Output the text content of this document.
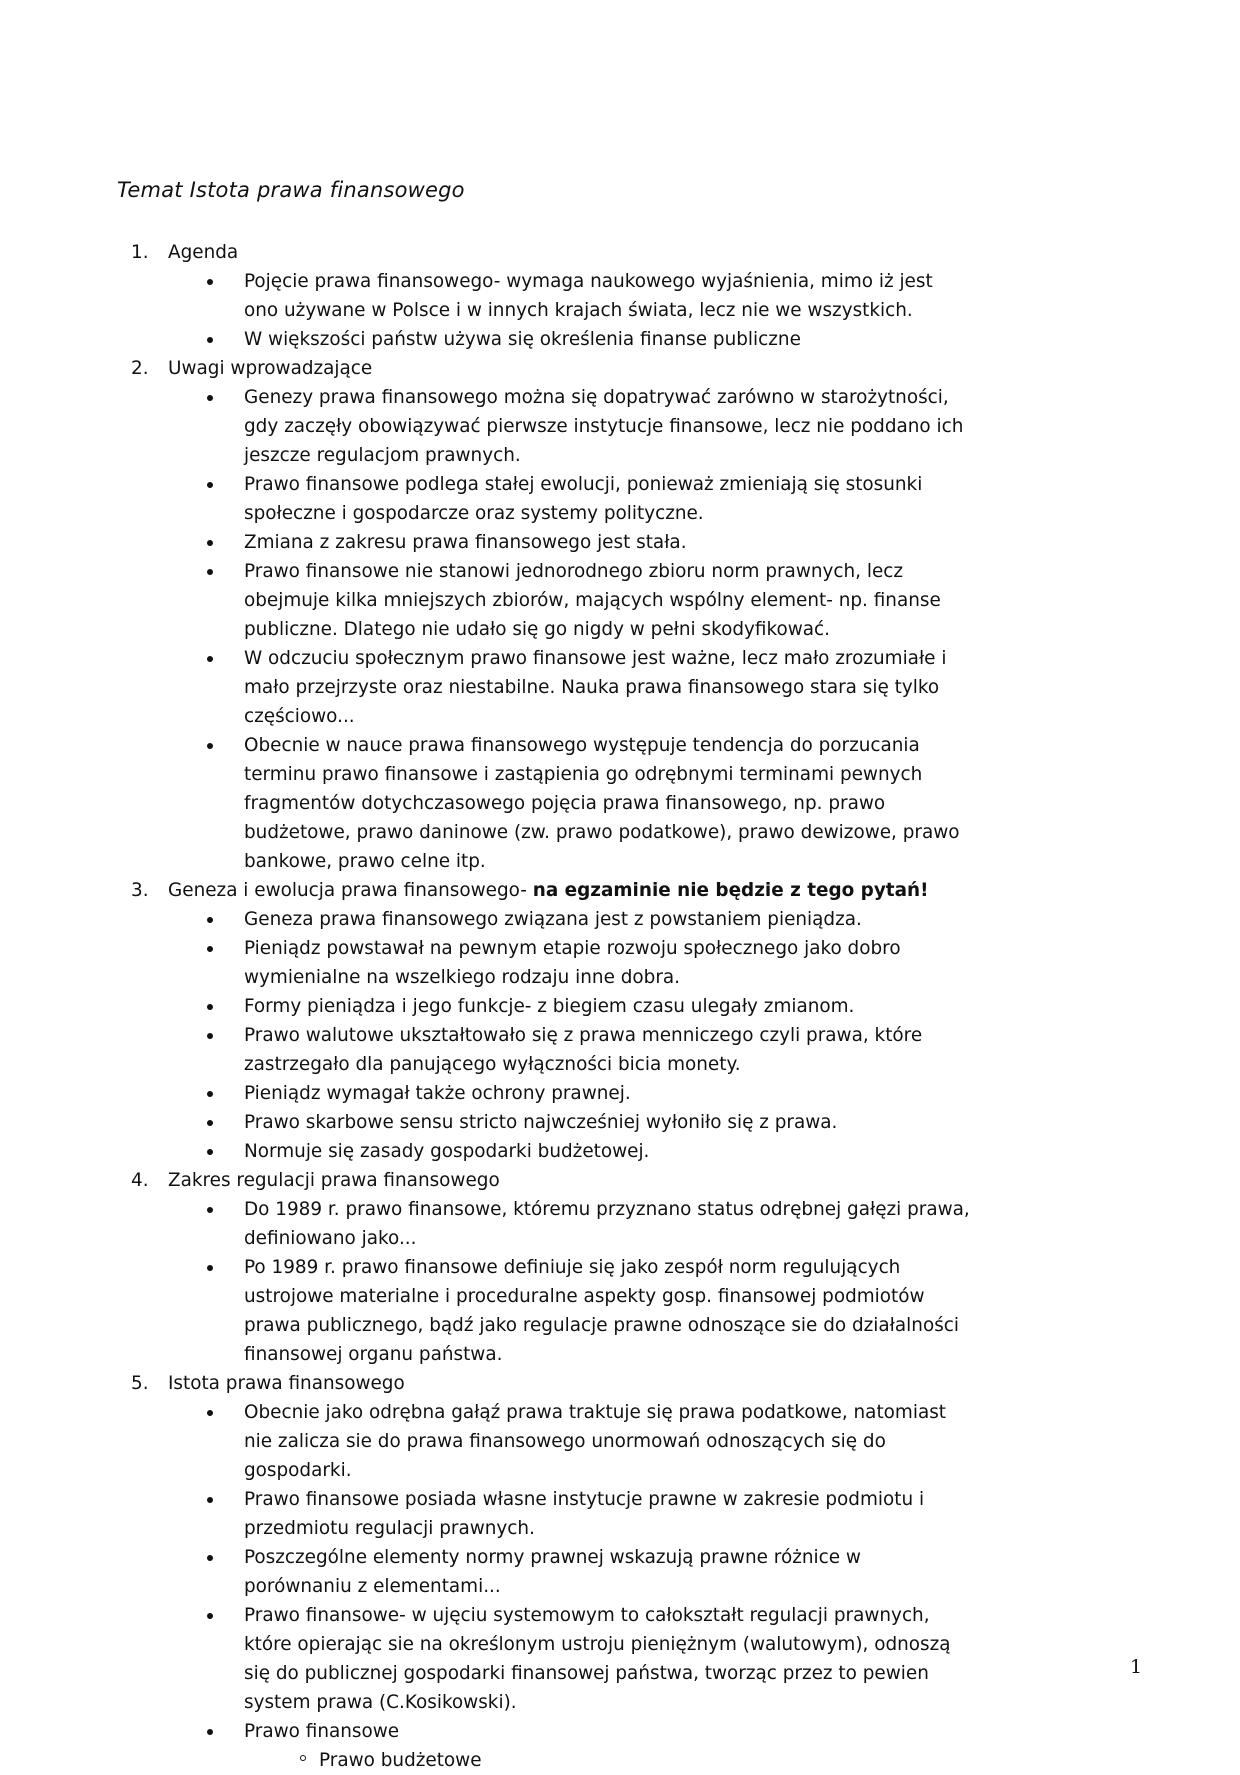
Temat Istota prawa finansowego
1. Agenda
Pojęcie prawa finansowego- wymaga naukowego wyjaśnienia, mimo iż jest ono używane w Polsce i w innych krajach świata, lecz nie we wszystkich.
W większości państw używa się określenia finanse publiczne
2. Uwagi wprowadzające
Genezy prawa finansowego można się dopatrywać zarówno w starożytności, gdy zaczęły obowiązywać pierwsze instytucje finansowe, lecz nie poddano ich jeszcze regulacjom prawnych.
Prawo finansowe podlega stałej ewolucji, ponieważ zmieniają się stosunki społeczne i gospodarcze oraz systemy polityczne.
Zmiana z zakresu prawa finansowego jest stała.
Prawo finansowe nie stanowi jednorodnego zbioru norm prawnych, lecz obejmuje kilka mniejszych zbiorów, mających wspólny element- np. finanse publiczne. Dlatego nie udało się go nigdy w pełni skodyfikować.
W odczuciu społecznym prawo finansowe jest ważne, lecz mało zrozumiałe i mało przejrzyste oraz niestabilne. Nauka prawa finansowego stara się tylko częściowo...
Obecnie w nauce prawa finansowego występuje tendencja do porzucania terminu prawo finansowe i zastąpienia go odrębnymi terminami pewnych fragmentów dotychczasowego pojęcia prawa finansowego, np. prawo budżetowe, prawo daninowe (zw. prawo podatkowe), prawo dewizowe, prawo bankowe, prawo celne itp.
3. Geneza i ewolucja prawa finansowego- na egzaminie nie będzie z tego pytań!
Geneza prawa finansowego związana jest z powstaniem pieniądza.
Pieniądz powstawał na pewnym etapie rozwoju społecznego jako dobro wymienialne na wszelkiego rodzaju inne dobra.
Formy pieniądza i jego funkcje- z biegiem czasu ulegały zmianom.
Prawo walutowe ukształtowało się z prawa menniczego czyli prawa, które zastrzegało dla panującego wyłączności bicia monety.
Pieniądz wymagał także ochrony prawnej.
Prawo skarbowe sensu stricto najwcześniej wyłoniło się z prawa.
Normuje się zasady gospodarki budżetowej.
4. Zakres regulacji prawa finansowego
Do 1989 r. prawo finansowe, któremu przyznano status odrębnej gałęzi prawa, definiowano jako...
Po 1989 r. prawo finansowe definiuje się jako zespół norm regulujących ustrojowe materialne i proceduralne aspekty gosp. finansowej podmiotów prawa publicznego, bądź jako regulacje prawne odnoszące sie do działalności finansowej organu państwa.
5. Istota prawa finansowego
Obecnie jako odrębna gałąź prawa traktuje się prawa podatkowe, natomiast nie zalicza sie do prawa finansowego unormowań odnoszących się do gospodarki.
Prawo finansowe posiada własne instytucje prawne w zakresie podmiotu i przedmiotu regulacji prawnych.
Poszczególne elementy normy prawnej wskazują prawne różnice w porównaniu z elementami...
Prawo finansowe- w ujęciu systemowym to całokształt regulacji prawnych, które opierając sie na określonym ustroju pieniężnym (walutowym), odnoszą się do publicznej gospodarki finansowej państwa, tworząc przez to pewien system prawa (C.Kosikowski).
Prawo finansowe
Prawo budżetowe
1
